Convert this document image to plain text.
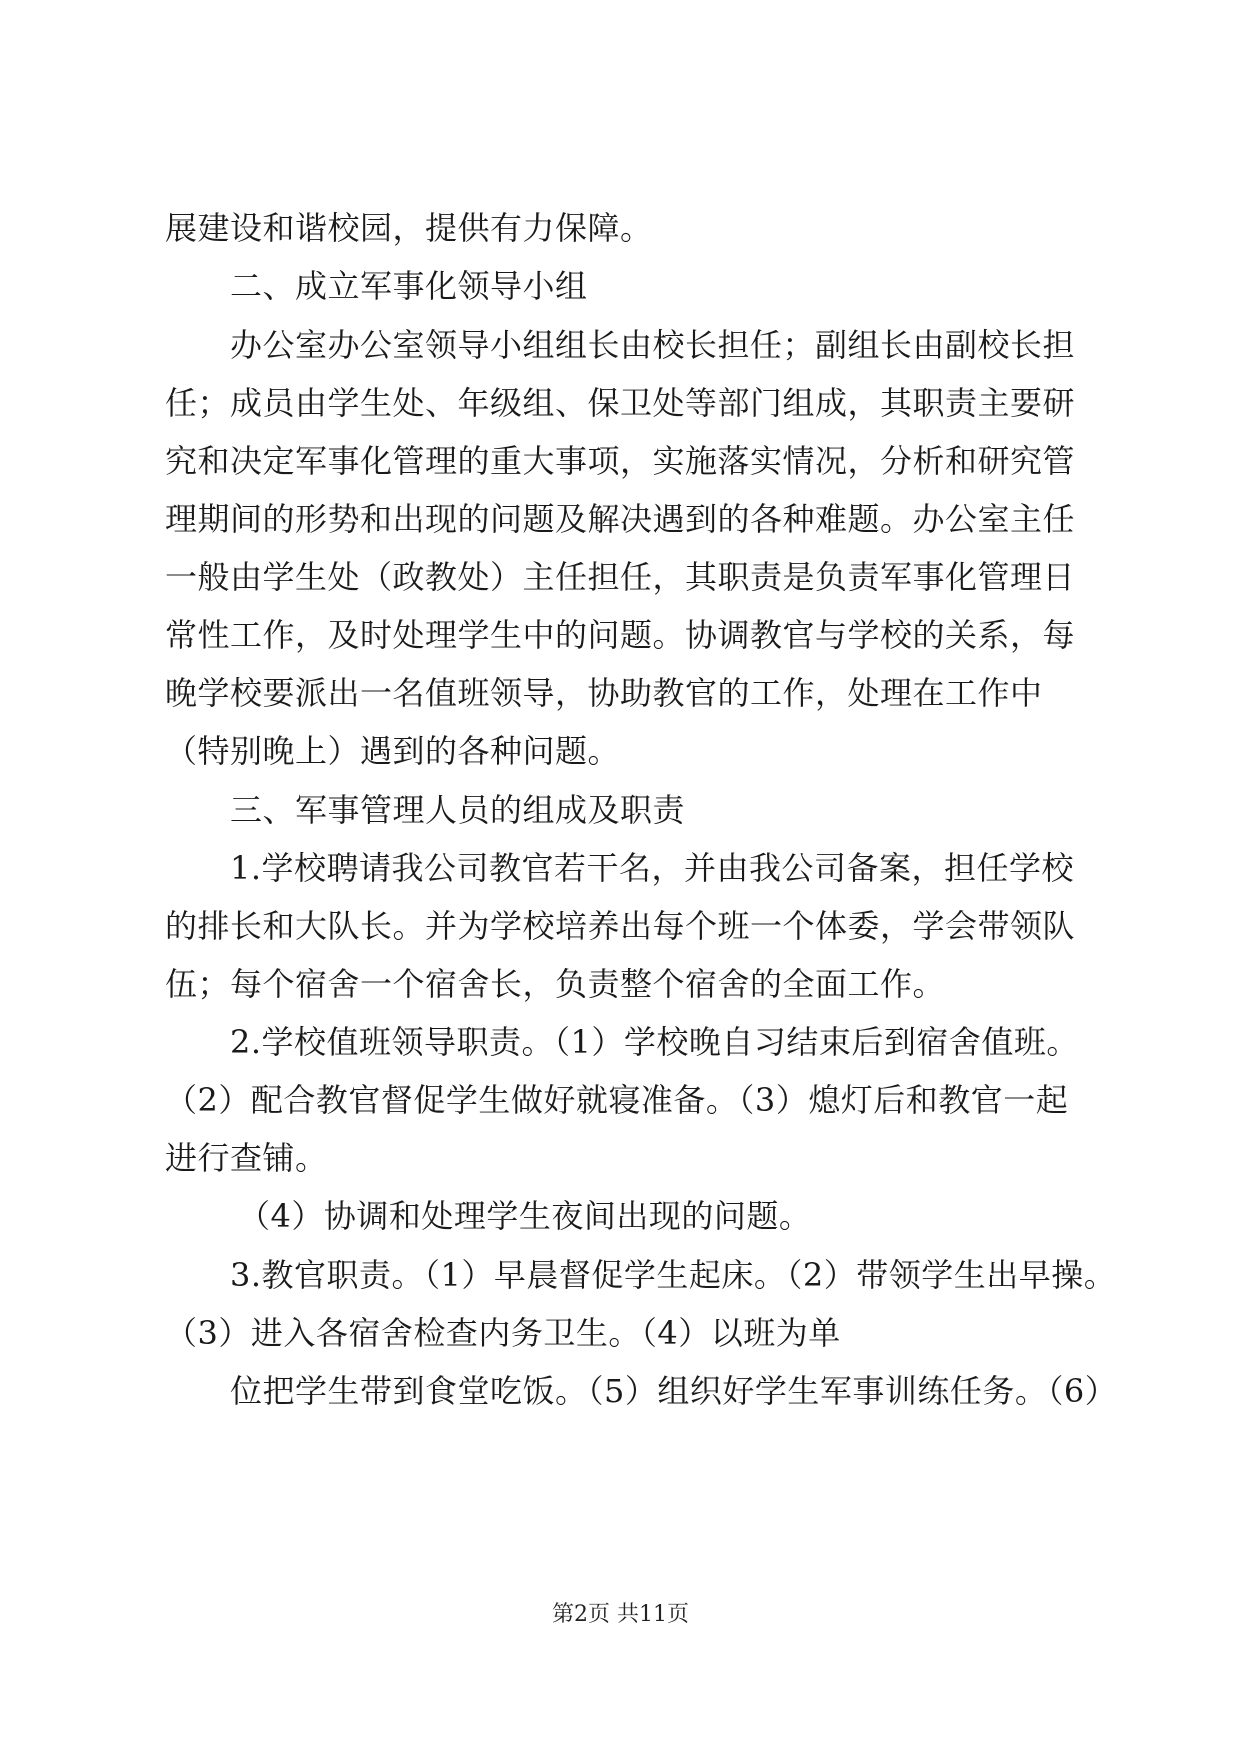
展建设和谐校园，提供有力保障。
二、成立军事化领导小组
办公室办公室领导小组组长由校长担任；副组长由副校长担
任；成员由学生处、年级组、保卫处等部门组成，其职责主要研
究和决定军事化管理的重大事项，实施落实情况，分析和研究管
理期间的形势和出现的问题及解决遇到的各种难题。办公室主任
一般由学生处（政教处）主任担任，其职责是负责军事化管理日
常性工作，及时处理学生中的问题。协调教官与学校的关系，每
晚学校要派出一名值班领导，协助教官的工作，处理在工作中
（特别晚上）遇到的各种问题。
三、军事管理人员的组成及职责
1.学校聘请我公司教官若干名，并由我公司备案，担任学校
的排长和大队长。并为学校培养出每个班一个体委，学会带领队
伍；每个宿舍一个宿舍长，负责整个宿舍的全面工作。
2.学校值班领导职责。（1）学校晚自习结束后到宿舍值班。
（2）配合教官督促学生做好就寝准备。（3）熄灯后和教官一起
进行查铺。
（4）协调和处理学生夜间出现的问题。
3.教官职责。（1）早晨督促学生起床。（2）带领学生出早操。
（3）进入各宿舍检查内务卫生。（4）以班为单
位把学生带到食堂吃饭。（5）组织好学生军事训练任务。（6）
第2页 共11页
